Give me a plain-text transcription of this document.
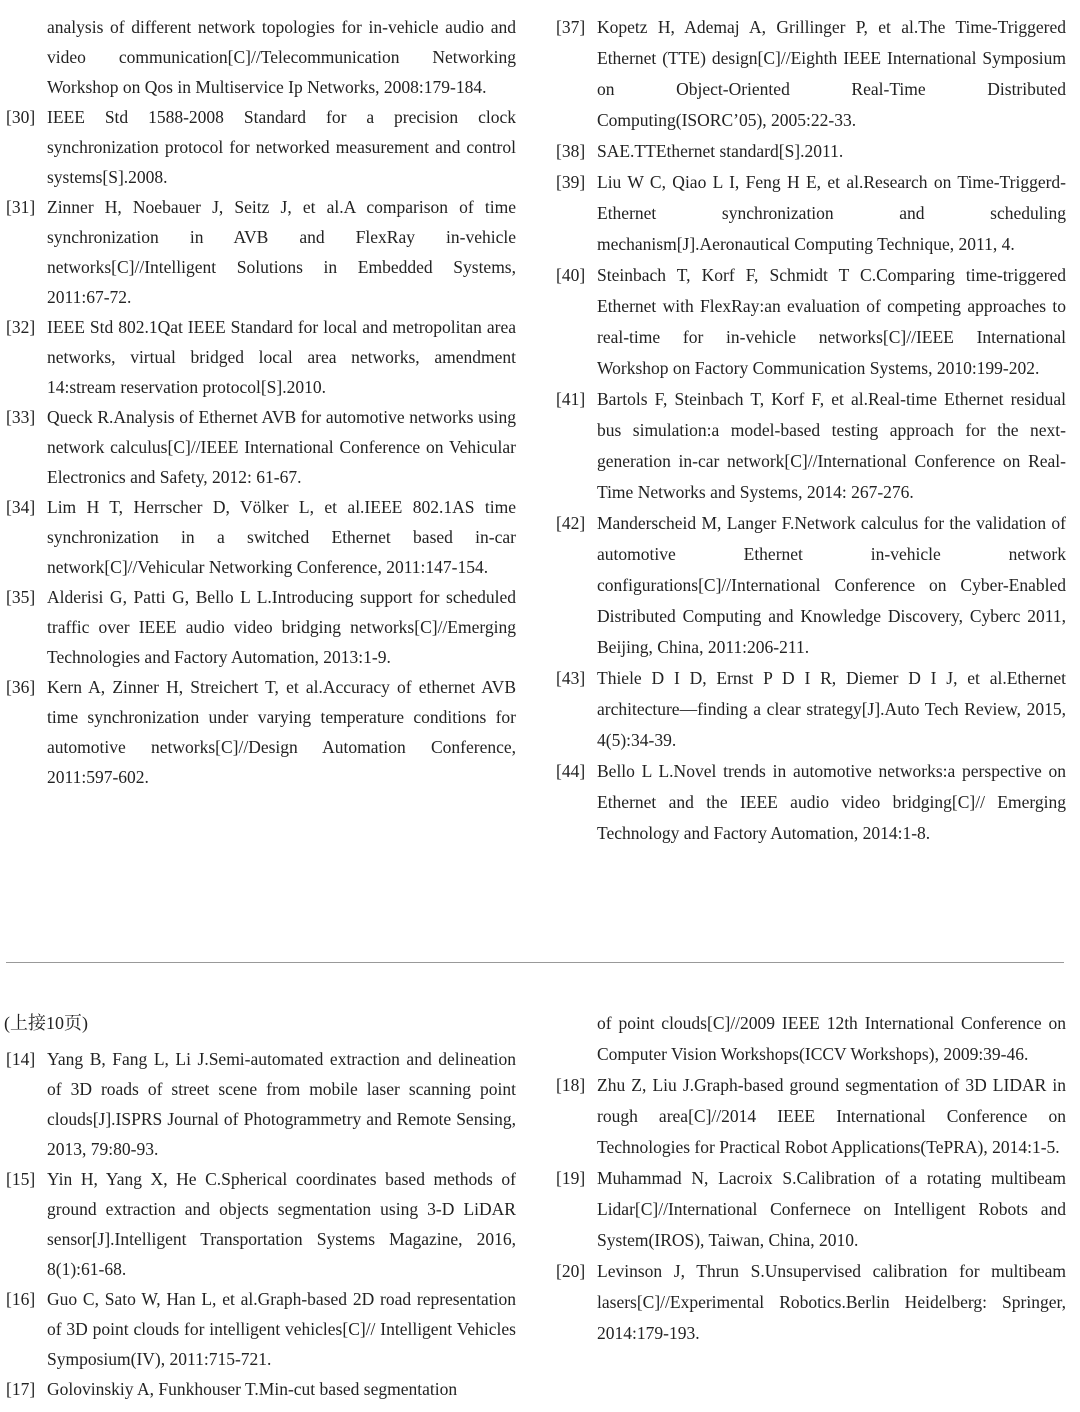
analysis of different network topologies for in-vehicle audio and video communication[C]//Telecommunication Networking Workshop on Qos in Multiservice Ip Networks, 2008:179-184.

[30] IEEE Std 1588-2008 Standard for a precision clock synchronization protocol for networked measurement and control systems[S].2008.

[31] Zinner H, Noebauer J, Seitz J, et al.A comparison of time synchronization in AVB and FlexRay in-vehicle networks[C]//Intelligent Solutions in Embedded Systems, 2011:67-72.

[32] IEEE Std 802.1Qat IEEE Standard for local and metropolitan area networks, virtual bridged local area networks, amendment 14:stream reservation protocol[S].2010.

[33] Queck R.Analysis of Ethernet AVB for automotive networks using network calculus[C]//IEEE International Conference on Vehicular Electronics and Safety, 2012: 61-67.

[34] Lim H T, Herrscher D, Völker L, et al.IEEE 802.1AS time synchronization in a switched Ethernet based in-car network[C]//Vehicular Networking Conference, 2011:147-154.

[35] Alderisi G, Patti G, Bello L L.Introducing support for scheduled traffic over IEEE audio video bridging networks[C]//Emerging Technologies and Factory Automation, 2013:1-9.

[36] Kern A, Zinner H, Streichert T, et al.Accuracy of ethernet AVB time synchronization under varying temperature conditions for automotive networks[C]//Design Automation Conference, 2011:597-602.

[37] Kopetz H, Ademaj A, Grillinger P, et al.The Time-Triggered Ethernet (TTE) design[C]//Eighth IEEE International Symposium on Object-Oriented Real-Time Distributed Computing(ISORC’05), 2005:22-33.

[38] SAE.TTEthernet standard[S].2011.

[39] Liu W C, Qiao L I, Feng H E, et al.Research on Time-Triggerd-Ethernet synchronization and scheduling mechanism[J].Aeronautical Computing Technique, 2011, 4.

[40] Steinbach T, Korf F, Schmidt T C.Comparing time-triggered Ethernet with FlexRay:an evaluation of competing approaches to real-time for in-vehicle networks[C]//IEEE International Workshop on Factory Communication Systems, 2010:199-202.

[41] Bartols F, Steinbach T, Korf F, et al.Real-time Ethernet residual bus simulation:a model-based testing approach for the next-generation in-car network[C]//International Conference on Real-Time Networks and Systems, 2014: 267-276.

[42] Manderscheid M, Langer F.Network calculus for the validation of automotive Ethernet in-vehicle network configurations[C]//International Conference on Cyber-Enabled Distributed Computing and Knowledge Discovery, Cyberc 2011, Beijing, China, 2011:206-211.

[43] Thiele D I D, Ernst P D I R, Diemer D I J, et al.Ethernet architecture—finding a clear strategy[J].Auto Tech Review, 2015, 4(5):34-39.

[44] Bello L L.Novel trends in automotive networks:a perspective on Ethernet and the IEEE audio video bridging[C]// Emerging Technology and Factory Automation, 2014:1-8.

(上接10页)

[14] Yang B, Fang L, Li J.Semi-automated extraction and delineation of 3D roads of street scene from mobile laser scanning point clouds[J].ISPRS Journal of Photogrammetry and Remote Sensing, 2013, 79:80-93.

[15] Yin H, Yang X, He C.Spherical coordinates based methods of ground extraction and objects segmentation using 3-D LiDAR sensor[J].Intelligent Transportation Systems Magazine, 2016, 8(1):61-68.

[16] Guo C, Sato W, Han L, et al.Graph-based 2D road representation of 3D point clouds for intelligent vehicles[C]// Intelligent Vehicles Symposium(IV), 2011:715-721.

[17] Golovinskiy A, Funkhouser T.Min-cut based segmentation

of point clouds[C]//2009 IEEE 12th International Conference on Computer Vision Workshops(ICCV Workshops), 2009:39-46.

[18] Zhu Z, Liu J.Graph-based ground segmentation of 3D LIDAR in rough area[C]//2014 IEEE International Conference on Technologies for Practical Robot Applications(TePRA), 2014:1-5.

[19] Muhammad N, Lacroix S.Calibration of a rotating multibeam Lidar[C]//International Confernece on Intelligent Robots and System(IROS), Taiwan, China, 2010.

[20] Levinson J, Thrun S.Unsupervised calibration for multibeam lasers[C]//Experimental Robotics.Berlin Heidelberg: Springer, 2014:179-193.
